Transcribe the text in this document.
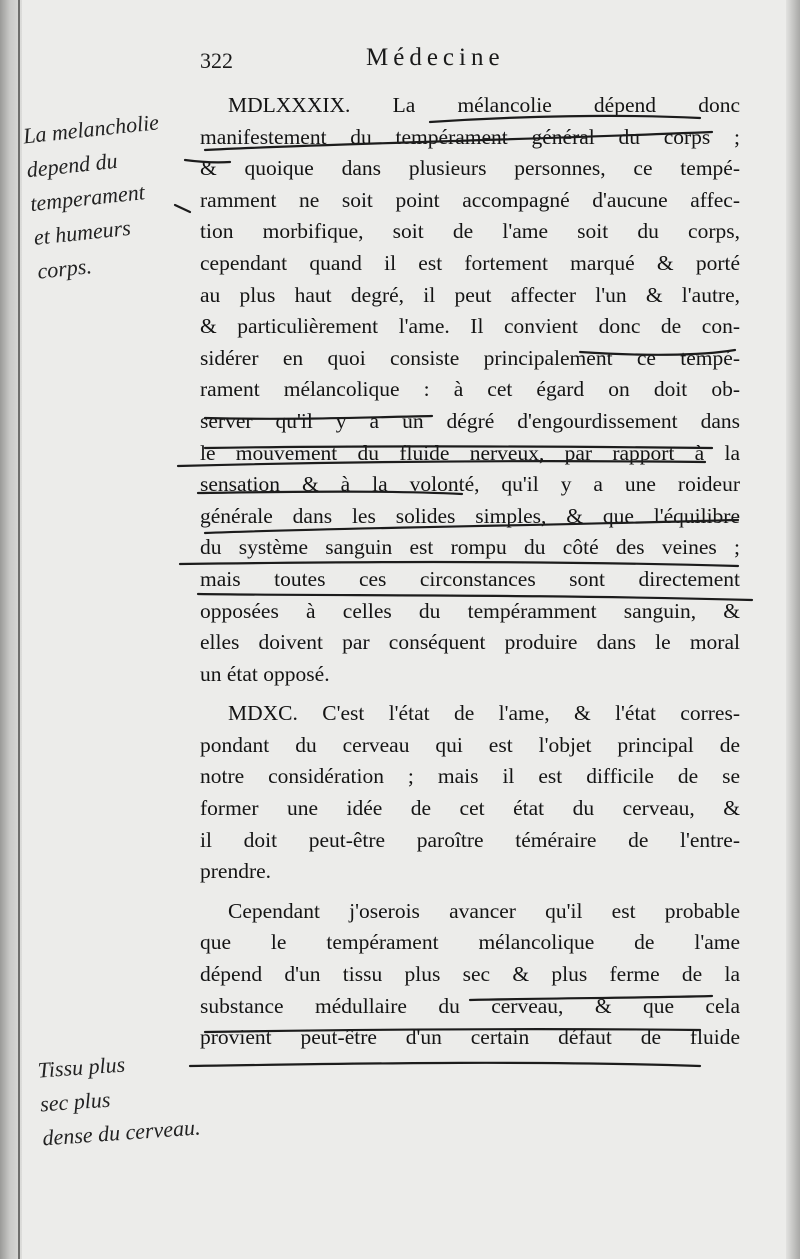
322	Médecine
MDLXXXIX. La mélancolie dépend donc
manifestement du tempérament général du corps ;
& quoique dans plusieurs personnes, ce tempé-
ramment ne soit point accompagné d'aucune affec-
tion morbifique, soit de l'ame soit du corps,
cependant quand il est fortement marqué & porté
au plus haut degré, il peut affecter l'un & l'autre,
& particulièrement l'ame. Il convient donc de con-
sidérer en quoi consiste principalement ce tempé-
rament mélancolique : à cet égard on doit ob-
server qu'il y a un dégré d'engourdissement dans
le mouvement du fluide nerveux, par rapport à la
sensation & à la volonté, qu'il y a une roideur
générale dans les solides simples, & que l'équilibre
du système sanguin est rompu du côté des veines ;
mais toutes ces circonstances sont directement
opposées à celles du tempéramment sanguin, &
elles doivent par conséquent produire dans le moral
un état opposé.
MDXC. C'est l'état de l'ame, & l'état corres-
pondant du cerveau qui est l'objet principal de
notre considération ; mais il est difficile de se
former une idée de cet état du cerveau, &
il doit peut-être paroître téméraire de l'entre-
prendre.
Cependant j'oserois avancer qu'il est probable
que le tempérament mélancolique de l'ame
dépend d'un tissu plus sec & plus ferme de la
substance médullaire du cerveau, & que cela
provient peut-être d'un certain défaut de fluide
La melancholie
depend du
temperament
et humeurs
corps.
Tissu plus
sec plus
dense du cerveau.
